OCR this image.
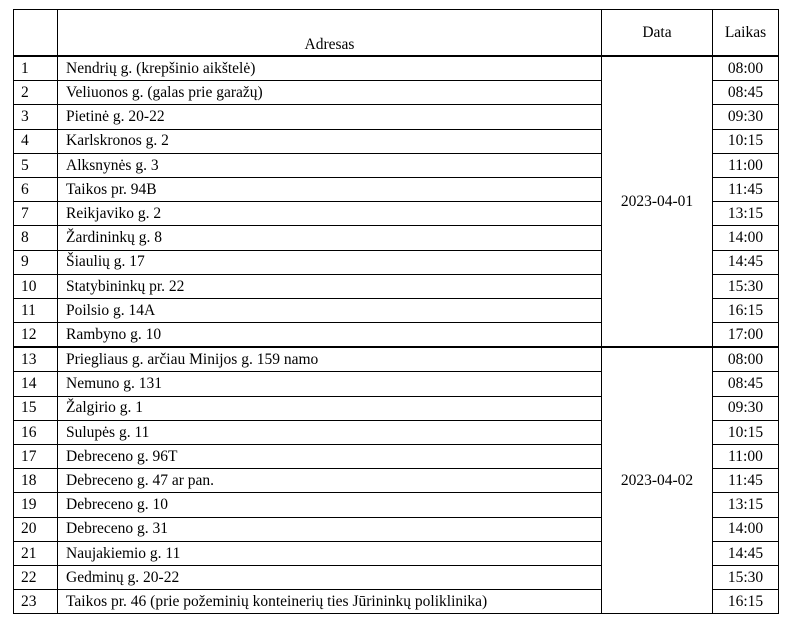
	Adresas	Data	Laikas
1	Nendrių g. (krepšinio aikštelė)	2023-04-01	08:00
2	Veliuonos g. (galas prie garažų)		08:45
3	Pietinė g. 20-22		09:30
4	Karlskronos g. 2		10:15
5	Alksnynės g. 3		11:00
6	Taikos pr. 94B		11:45
7	Reikjaviko g. 2		13:15
8	Žardininkų g. 8		14:00
9	Šiaulių g. 17		14:45
10	Statybininkų pr. 22		15:30
11	Poilsio g. 14A		16:15
12	Rambyno g. 10		17:00
13	Priegliaus g. arčiau Minijos g. 159 namo	2023-04-02	08:00
14	Nemuno g. 131		08:45
15	Žalgirio g. 1		09:30
16	Sulupės g. 11		10:15
17	Debreceno g. 96T		11:00
18	Debreceno g. 47 ar pan.		11:45
19	Debreceno g. 10		13:15
20	Debreceno g. 31		14:00
21	Naujakiemio g. 11		14:45
22	Gedminų g. 20-22		15:30
23	Taikos pr. 46 (prie požeminių konteinerių ties Jūrininkų poliklinika)		16:15
